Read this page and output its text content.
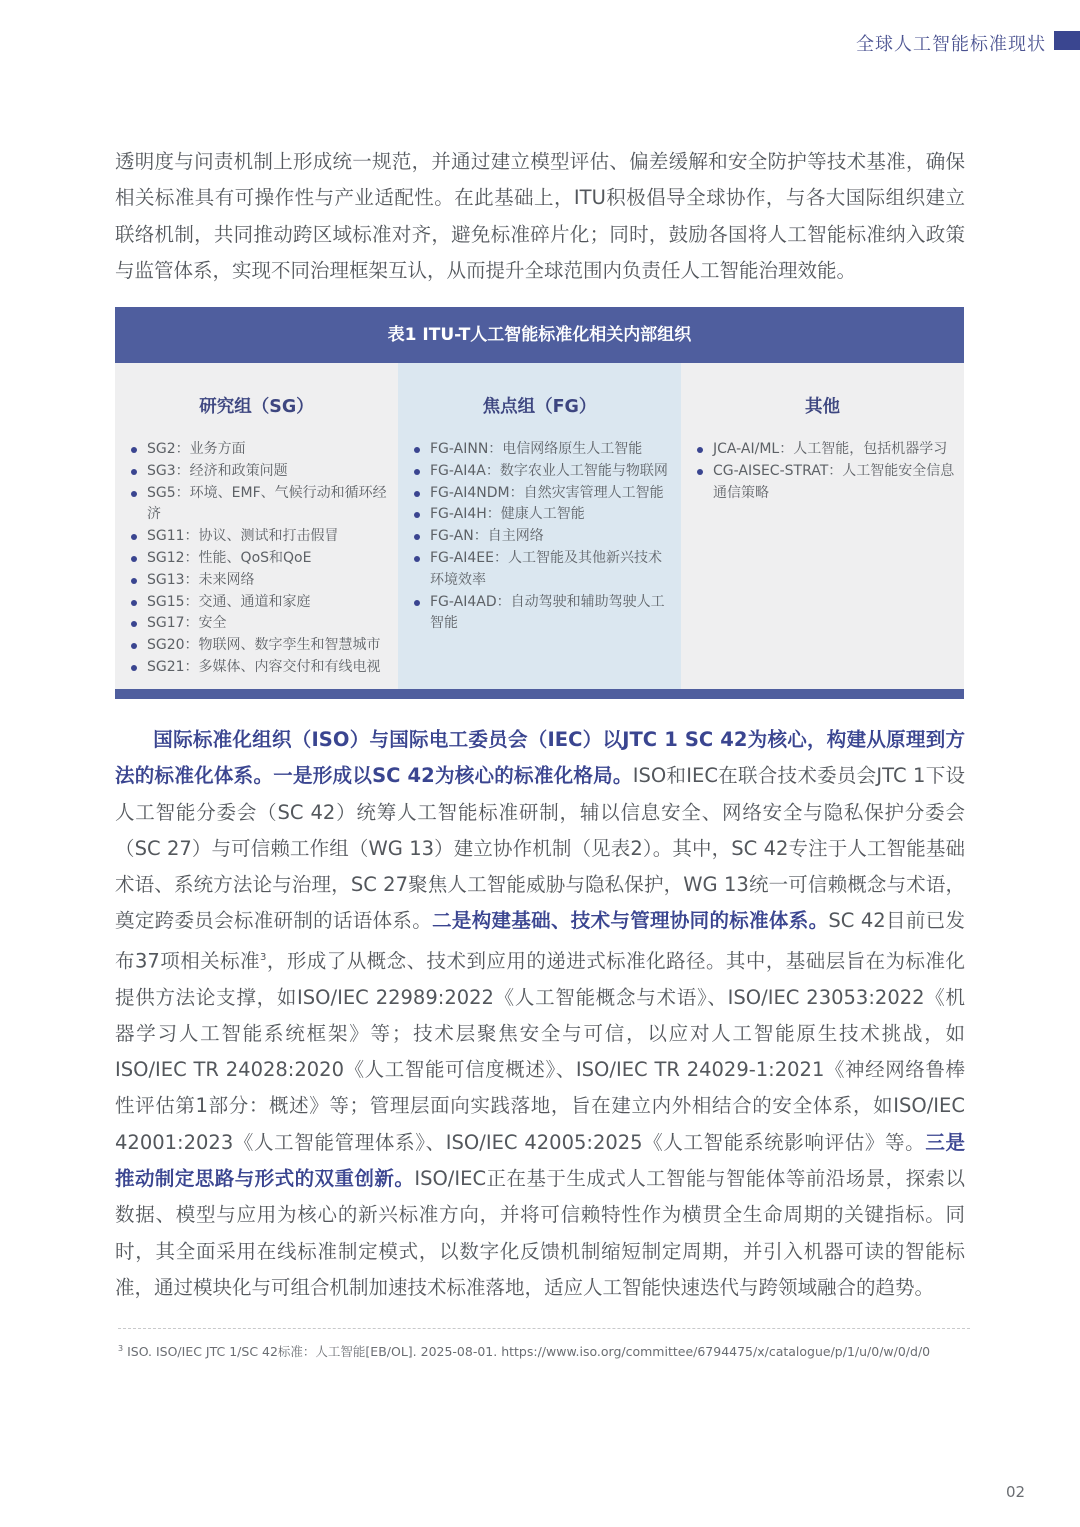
全球人工智能标准现状

透明度与问责机制上形成统一规范，并通过建立模型评估、偏差缓解和安全防护等技术基准，确保相关标准具有可操作性与产业适配性。在此基础上，ITU积极倡导全球协作，与各大国际组织建立联络机制，共同推动跨区域标准对齐，避免标准碎片化；同时，鼓励各国将人工智能标准纳入政策与监管体系，实现不同治理框架互认，从而提升全球范围内负责任人工智能治理效能。

表1 ITU-T人工智能标准化相关内部组织
研究组（SG）
SG2：业务方面
SG3：经济和政策问题
SG5：环境、EMF、气候行动和循环经济
SG11：协议、测试和打击假冒
SG12：性能、QoS和QoE
SG13：未来网络
SG15：交通、通道和家庭
SG17：安全
SG20：物联网、数字孪生和智慧城市
SG21：多媒体、内容交付和有线电视
焦点组（FG）
FG-AINN：电信网络原生人工智能
FG-AI4A：数字农业人工智能与物联网
FG-AI4NDM：自然灾害管理人工智能
FG-AI4H：健康人工智能
FG-AN：自主网络
FG-AI4EE：人工智能及其他新兴技术环境效率
FG-AI4AD：自动驾驶和辅助驾驶人工智能
其他
JCA-AI/ML：人工智能，包括机器学习
CG-AISEC-STRAT：人工智能安全信息通信策略

国际标准化组织（ISO）与国际电工委员会（IEC）以JTC 1 SC 42为核心，构建从原理到方法的标准化体系。一是形成以SC 42为核心的标准化格局。ISO和IEC在联合技术委员会JTC 1下设人工智能分委会（SC 42）统筹人工智能标准研制，辅以信息安全、网络安全与隐私保护分委会（SC 27）与可信赖工作组（WG 13）建立协作机制（见表2）。其中，SC 42专注于人工智能基础术语、系统方法论与治理，SC 27聚焦人工智能威胁与隐私保护，WG 13统一可信赖概念与术语，奠定跨委员会标准研制的话语体系。二是构建基础、技术与管理协同的标准体系。SC 42目前已发布37项相关标准$^3$，形成了从概念、技术到应用的递进式标准化路径。其中，基础层旨在为标准化提供方法论支撑，如ISO/IEC 22989:2022《人工智能概念与术语》、ISO/IEC 23053:2022《机器学习人工智能系统框架》等；技术层聚焦安全与可信，以应对人工智能原生技术挑战，如ISO/IEC TR 24028:2020《人工智能可信度概述》、ISO/IEC TR 24029-1:2021《神经网络鲁棒性评估第1部分：概述》等；管理层面向实践落地，旨在建立内外相结合的安全体系，如ISO/IEC 42001:2023《人工智能管理体系》、ISO/IEC 42005:2025《人工智能系统影响评估》等。三是推动制定思路与形式的双重创新。ISO/IEC正在基于生成式人工智能与智能体等前沿场景，探索以数据、模型与应用为核心的新兴标准方向，并将可信赖特性作为横贯全生命周期的关键指标。同时，其全面采用在线标准制定模式，以数字化反馈机制缩短制定周期，并引入机器可读的智能标准，通过模块化与可组合机制加速技术标准落地，适应人工智能快速迭代与跨领域融合的趋势。

$^3$ ISO. ISO/IEC JTC 1/SC 42标准：人工智能[EB/OL]. 2025-08-01. https://www.iso.org/committee/6794475/x/catalogue/p/1/u/0/w/0/d/0
02
